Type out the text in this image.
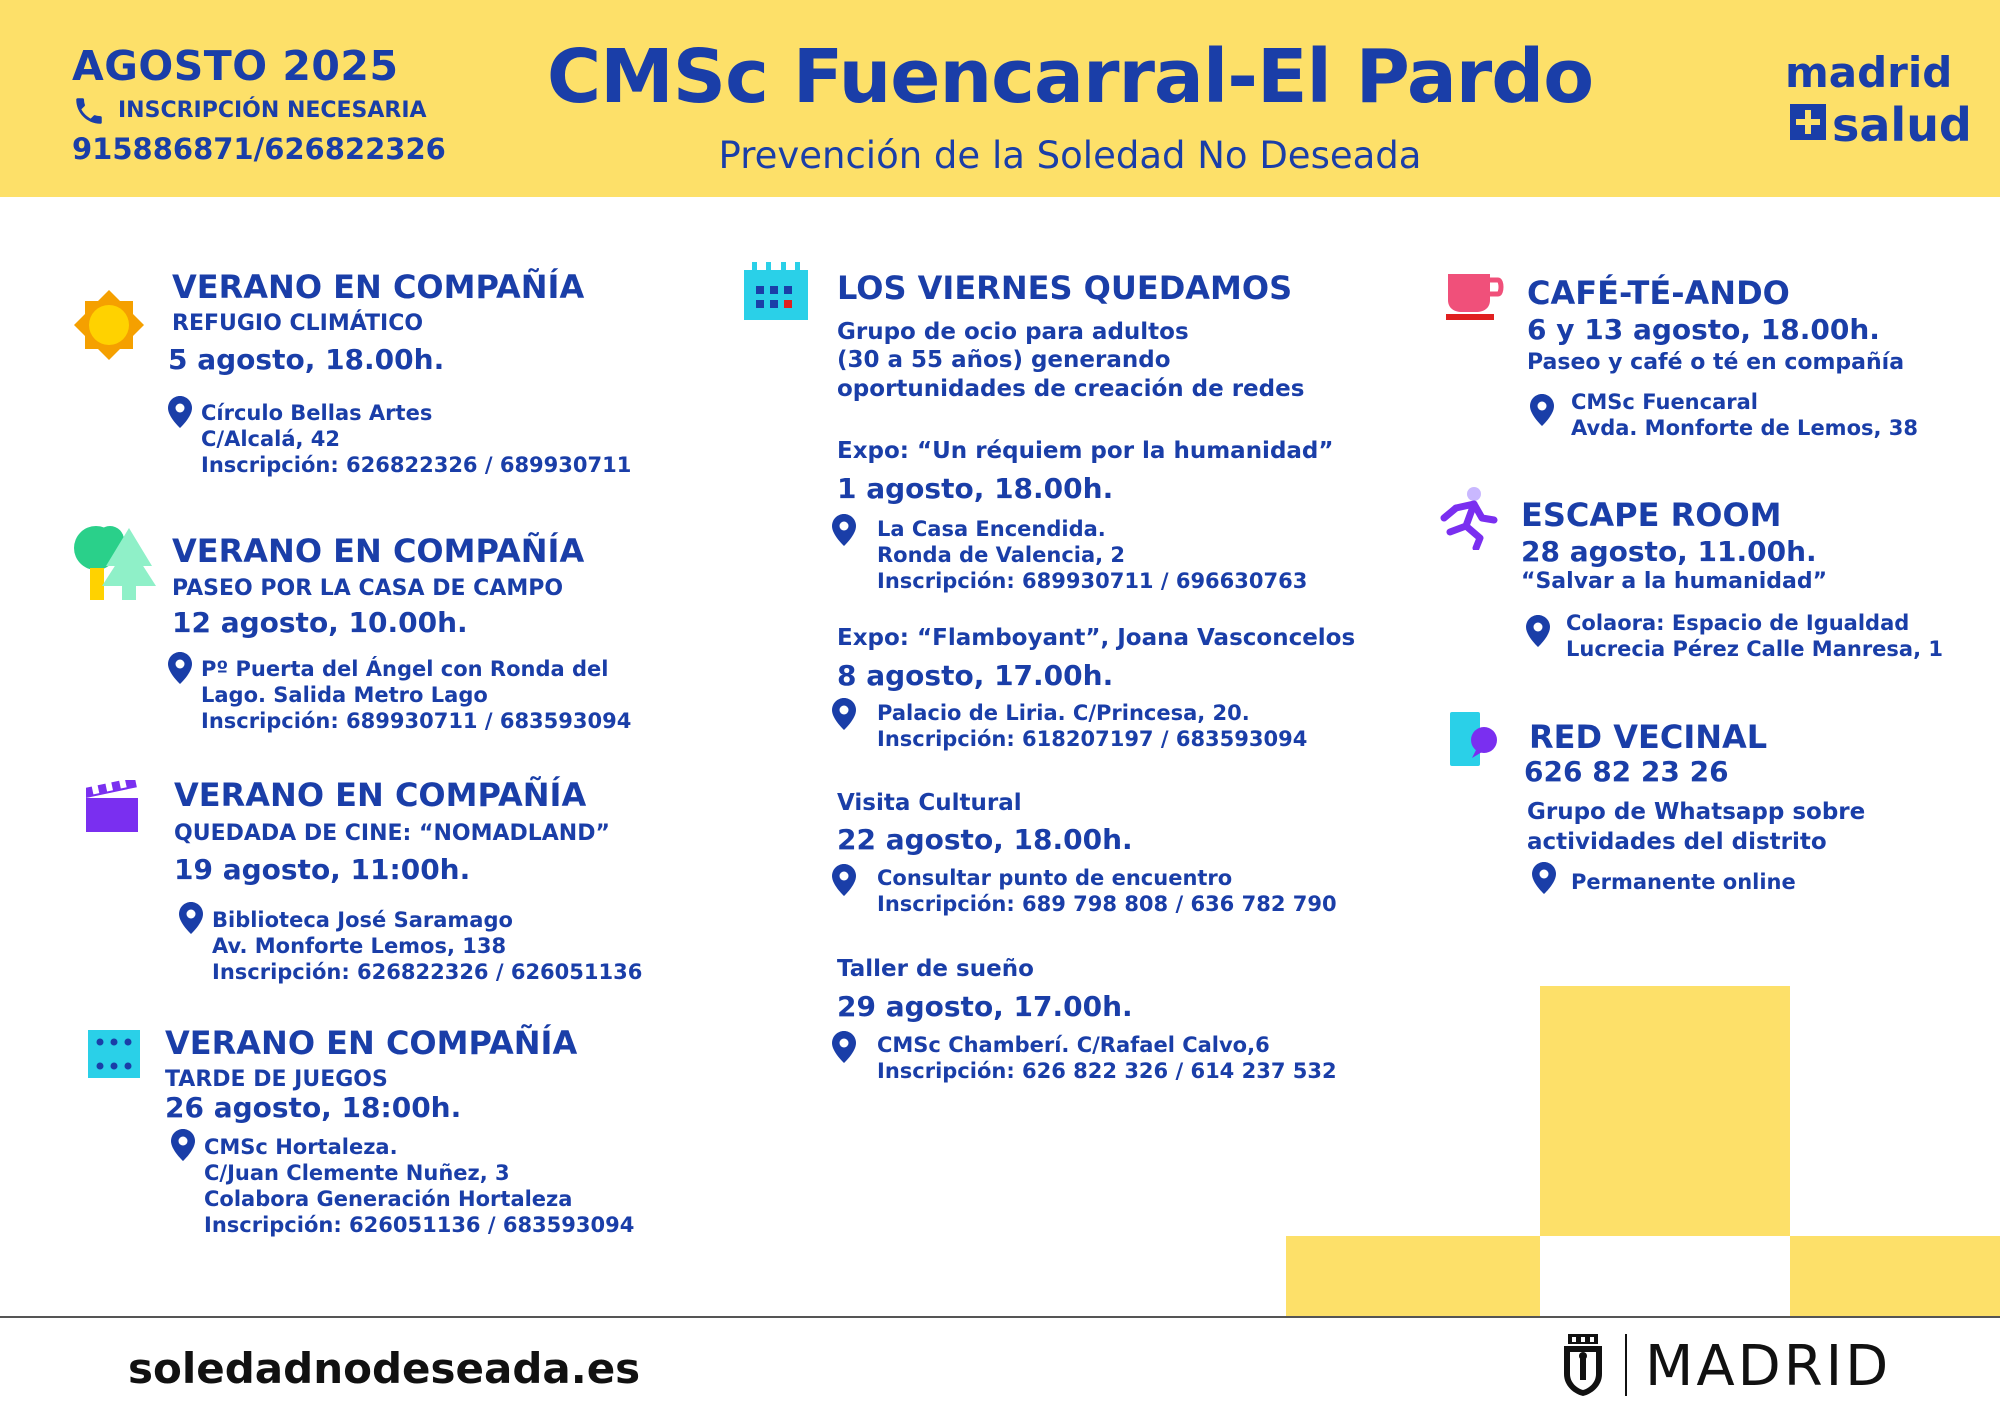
AGOSTO 2025
INSCRIPCIÓN NECESARIA
915886871/626822326
CMSc Fuencarral-El Pardo
Prevención de la Soledad No Deseada
madrid
salud
VERANO EN COMPAÑÍA
REFUGIO CLIMÁTICO
5 agosto, 18.00h.
Círculo Bellas Artes
C/Alcalá, 42
Inscripción: 626822326 / 689930711
VERANO EN COMPAÑÍA
PASEO POR LA CASA DE CAMPO
12 agosto, 10.00h.
Pº Puerta del Ángel con Ronda del
Lago. Salida Metro Lago
Inscripción: 689930711 / 683593094
VERANO EN COMPAÑÍA
QUEDADA DE CINE: “NOMADLAND”
19 agosto, 11:00h.
Biblioteca José Saramago
Av. Monforte Lemos, 138
Inscripción: 626822326 / 626051136
VERANO EN COMPAÑÍA
TARDE DE JUEGOS
26 agosto, 18:00h.
CMSc Hortaleza.
C/Juan Clemente Nuñez, 3
Colabora Generación Hortaleza
Inscripción: 626051136 / 683593094
LOS VIERNES QUEDAMOS
Grupo de ocio para adultos
(30 a 55 años) generando
oportunidades de creación de redes
Expo: “Un réquiem por la humanidad”
1 agosto, 18.00h.
La Casa Encendida.
Ronda de Valencia, 2
Inscripción: 689930711 / 696630763
Expo: “Flamboyant”, Joana Vasconcelos
8 agosto, 17.00h.
Palacio de Liria. C/Princesa, 20.
Inscripción: 618207197 / 683593094
Visita Cultural
22 agosto, 18.00h.
Consultar punto de encuentro
Inscripción: 689 798 808 / 636 782 790
Taller de sueño
29 agosto, 17.00h.
CMSc Chamberí. C/Rafael Calvo,6
Inscripción: 626 822 326 / 614 237 532
CAFÉ-TÉ-ANDO
6 y 13 agosto, 18.00h.
Paseo y café o té en compañía
CMSc Fuencaral
Avda. Monforte de Lemos, 38
ESCAPE ROOM
28 agosto, 11.00h.
“Salvar a la humanidad”
Colaora: Espacio de Igualdad
Lucrecia Pérez Calle Manresa, 1
RED VECINAL
626 82 23 26
Grupo de Whatsapp sobre
actividades del distrito
Permanente online
soledadnodeseada.es	MADRID
